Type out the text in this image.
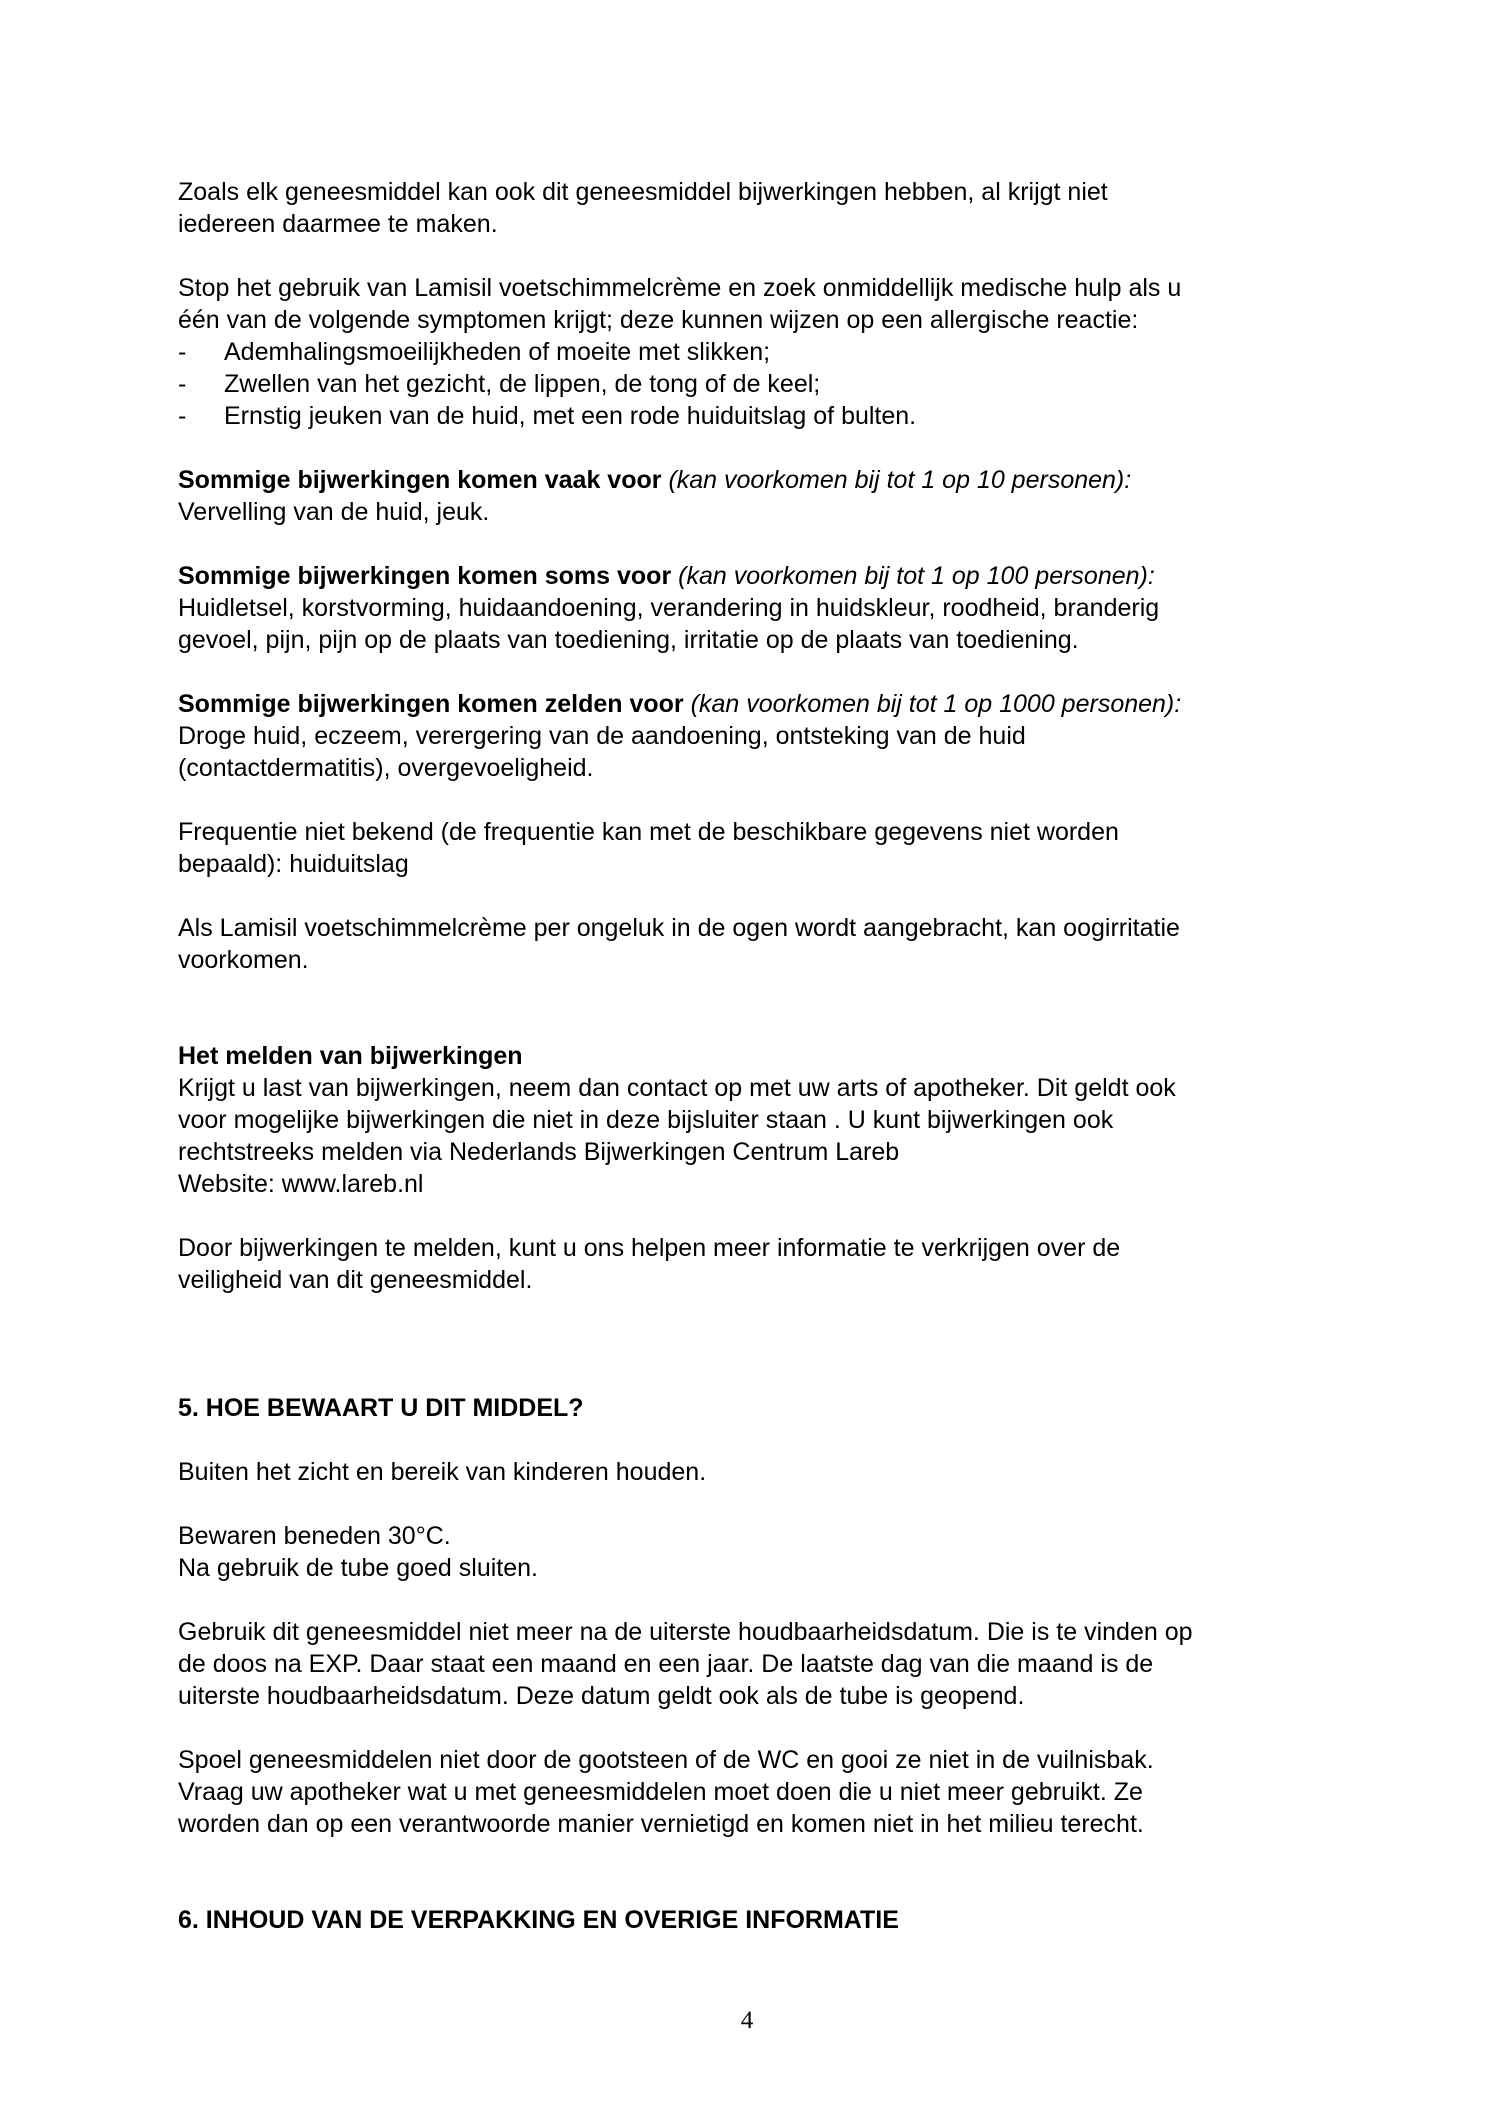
Zoals elk geneesmiddel kan ook dit geneesmiddel bijwerkingen hebben, al krijgt niet
iedereen daarmee te maken.

Stop het gebruik van Lamisil voetschimmelcrème en zoek onmiddellijk medische hulp als u
één van de volgende symptomen krijgt; deze kunnen wijzen op een allergische reactie:
-	Ademhalingsmoeilijkheden of moeite met slikken;
-	Zwellen van het gezicht, de lippen, de tong of de keel;
-	Ernstig jeuken van de huid, met een rode huiduitslag of bulten.

Sommige bijwerkingen komen vaak voor (kan voorkomen bij tot 1 op 10 personen):
Vervelling van de huid, jeuk.

Sommige bijwerkingen komen soms voor (kan voorkomen bij tot 1 op 100 personen):
Huidletsel, korstvorming, huidaandoening, verandering in huidskleur, roodheid, branderig
gevoel, pijn, pijn op de plaats van toediening, irritatie op de plaats van toediening.

Sommige bijwerkingen komen zelden voor (kan voorkomen bij tot 1 op 1000 personen):
Droge huid, eczeem, verergering van de aandoening, ontsteking van de huid
(contactdermatitis), overgevoeligheid.

Frequentie niet bekend (de frequentie kan met de beschikbare gegevens niet worden
bepaald): huiduitslag

Als Lamisil voetschimmelcrème per ongeluk in de ogen wordt aangebracht, kan oogirritatie
voorkomen.

Het melden van bijwerkingen
Krijgt u last van bijwerkingen, neem dan contact op met uw arts of apotheker. Dit geldt ook
voor mogelijke bijwerkingen die niet in deze bijsluiter staan . U kunt bijwerkingen ook
rechtstreeks melden via Nederlands Bijwerkingen Centrum Lareb
Website: www.lareb.nl

Door bijwerkingen te melden, kunt u ons helpen meer informatie te verkrijgen over de
veiligheid van dit geneesmiddel.

5. HOE BEWAART U DIT MIDDEL?

Buiten het zicht en bereik van kinderen houden.

Bewaren beneden 30°C.
Na gebruik de tube goed sluiten.

Gebruik dit geneesmiddel niet meer na de uiterste houdbaarheidsdatum. Die is te vinden op
de doos na EXP. Daar staat een maand en een jaar. De laatste dag van die maand is de
uiterste houdbaarheidsdatum. Deze datum geldt ook als de tube is geopend.

Spoel geneesmiddelen niet door de gootsteen of de WC en gooi ze niet in de vuilnisbak.
Vraag uw apotheker wat u met geneesmiddelen moet doen die u niet meer gebruikt. Ze
worden dan op een verantwoorde manier vernietigd en komen niet in het milieu terecht.

6. INHOUD VAN DE VERPAKKING EN OVERIGE INFORMATIE

4
